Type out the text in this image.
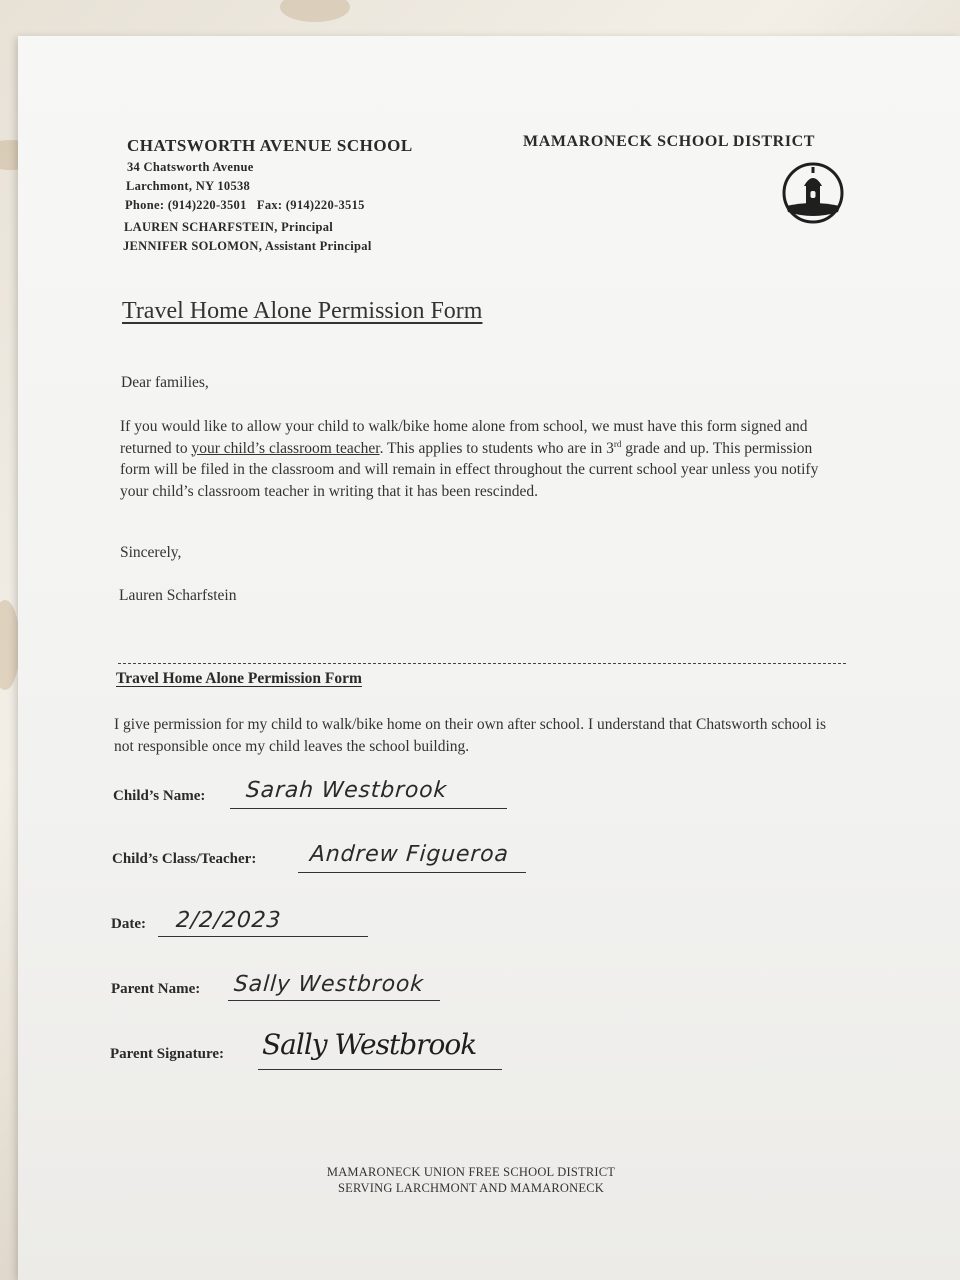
CHATSWORTH AVENUE SCHOOL
34 Chatsworth Avenue
Larchmont, NY 10538
Phone: (914)220-3501   Fax: (914)220-3515
LAUREN SCHARFSTEIN, Principal
JENNIFER SOLOMON, Assistant Principal
MAMARONECK SCHOOL DISTRICT
Travel Home Alone Permission Form
Dear families,
If you would like to allow your child to walk/bike home alone from school, we must have this form signed and returned to your child’s classroom teacher. This applies to students who are in 3rd grade and up. This permission form will be filed in the classroom and will remain in effect throughout the current school year unless you notify your child’s classroom teacher in writing that it has been rescinded.
Sincerely,
Lauren Scharfstein
Travel Home Alone Permission Form
I give permission for my child to walk/bike home on their own after school. I understand that Chatsworth school is not responsible once my child leaves the school building.
Child’s Name: Sarah Westbrook
Child’s Class/Teacher: Andrew Figueroa
Date: 2/2/2023
Parent Name: Sally Westbrook
Parent Signature: Sally Westbrook
MAMARONECK UNION FREE SCHOOL DISTRICT
SERVING LARCHMONT AND MAMARONECK
